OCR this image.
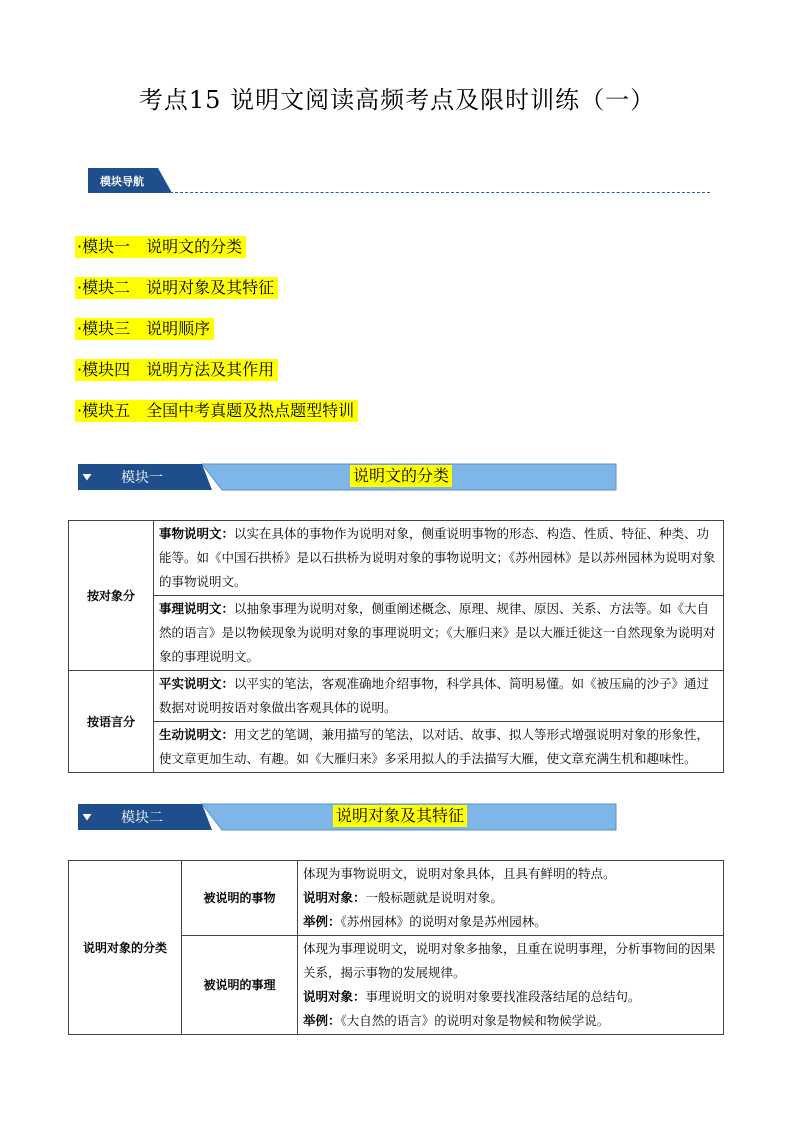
考点15 说明文阅读高频考点及限时训练（一）
模块导航
·模块一　说明文的分类
·模块二　说明对象及其特征
·模块三　说明顺序
·模块四　说明方法及其作用
·模块五　全国中考真题及热点题型特训
模块一	说明文的分类
按对象分	事物说明文：以实在具体的事物作为说明对象，侧重说明事物的形态、构造、性质、特征、种类、功能等。如《中国石拱桥》是以石拱桥为说明对象的事物说明文；《苏州园林》是以苏州园林为说明对象的事物说明文。
	事理说明文：以抽象事理为说明对象，侧重阐述概念、原理、规律、原因、关系、方法等。如《大自然的语言》是以物候现象为说明对象的事理说明文；《大雁归来》是以大雁迁徙这一自然现象为说明对象的事理说明文。
按语言分	平实说明文：以平实的笔法，客观准确地介绍事物，科学具体、简明易懂。如《被压扁的沙子》通过数据对说明按语对象做出客观具体的说明。
	生动说明文：用文艺的笔调，兼用描写的笔法，以对话、故事、拟人等形式增强说明对象的形象性，使文章更加生动、有趣。如《大雁归来》多采用拟人的手法描写大雁，使文章充满生机和趣味性。
模块二	说明对象及其特征
说明对象的分类	被说明的事物	体现为事物说明文，说明对象具体，且具有鲜明的特点。
说明对象：一般标题就是说明对象。
举例：《苏州园林》的说明对象是苏州园林。

	被说明的事理	体现为事理说明文，说明对象多抽象，且重在说明事理，分析事物间的因果关系，揭示事物的发展规律。
说明对象：事理说明文的说明对象要找准段落结尾的总结句。
举例：《大自然的语言》的说明对象是物候和物候学说。
